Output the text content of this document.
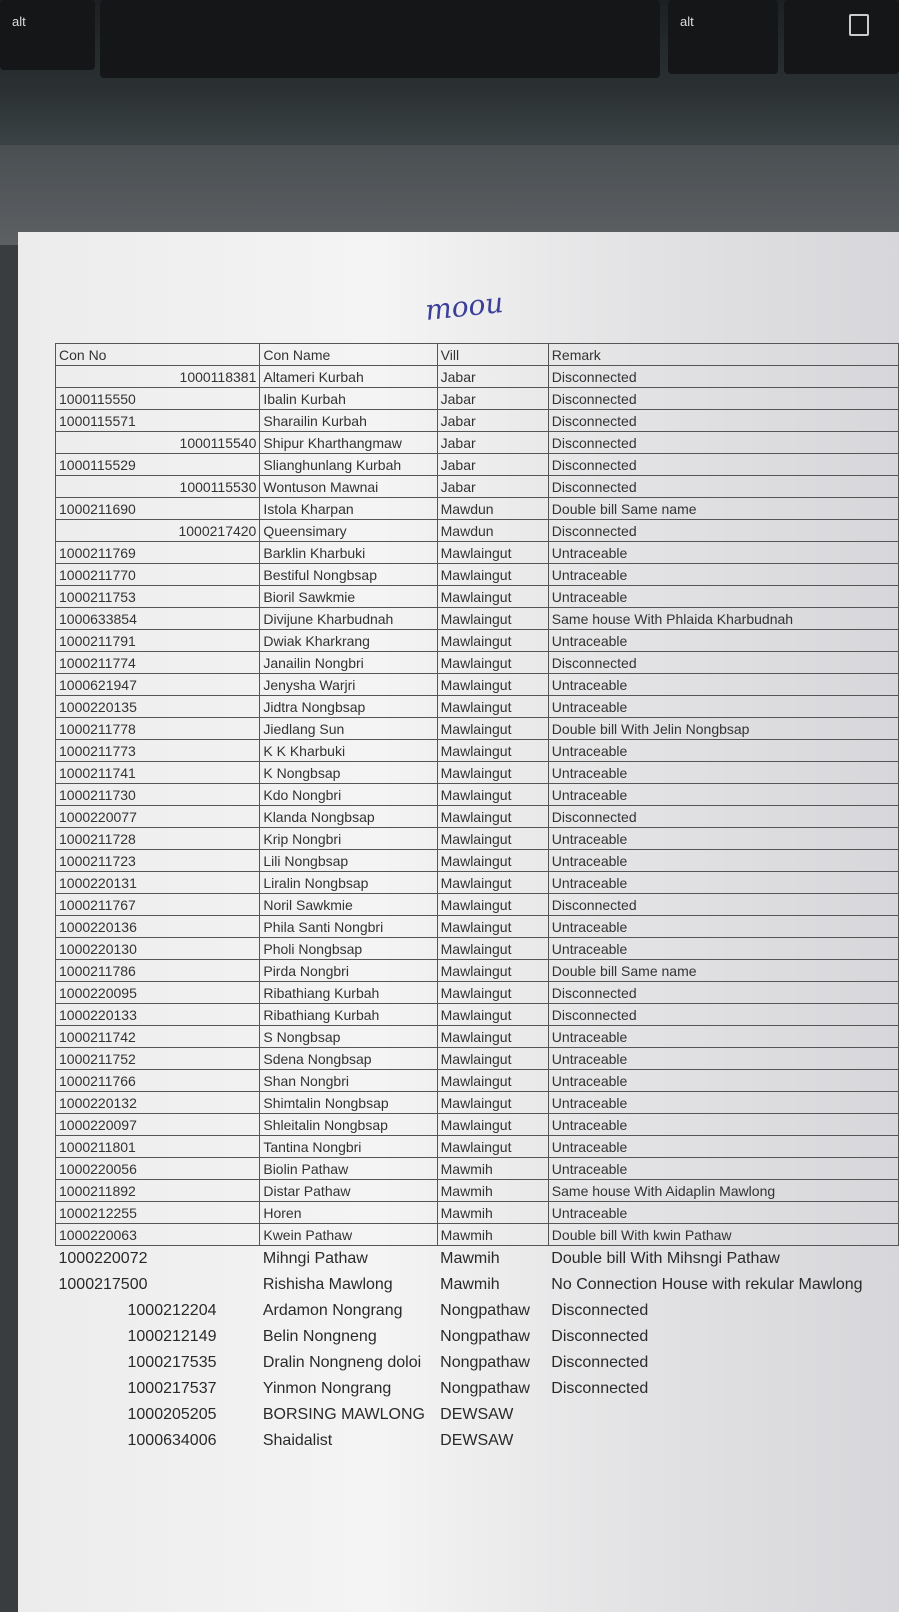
alt	alt
moou
Con No	Con Name	Vill	Remark
1000118381	Altameri Kurbah	Jabar	Disconnected
1000115550	Ibalin Kurbah	Jabar	Disconnected
1000115571	Sharailin Kurbah	Jabar	Disconnected
1000115540	Shipur Kharthangmaw	Jabar	Disconnected
1000115529	Slianghunlang Kurbah	Jabar	Disconnected
1000115530	Wontuson Mawnai	Jabar	Disconnected
1000211690	Istola Kharpan	Mawdun	Double bill Same name
1000217420	Queensimary	Mawdun	Disconnected
1000211769	Barklin Kharbuki	Mawlaingut	Untraceable
1000211770	Bestiful Nongbsap	Mawlaingut	Untraceable
1000211753	Bioril Sawkmie	Mawlaingut	Untraceable
1000633854	Divijune Kharbudnah	Mawlaingut	Same house With Phlaida Kharbudnah
1000211791	Dwiak Kharkrang	Mawlaingut	Untraceable
1000211774	Janailin Nongbri	Mawlaingut	Disconnected
1000621947	Jenysha Warjri	Mawlaingut	Untraceable
1000220135	Jidtra Nongbsap	Mawlaingut	Untraceable
1000211778	Jiedlang Sun	Mawlaingut	Double bill With Jelin Nongbsap
1000211773	K K Kharbuki	Mawlaingut	Untraceable
1000211741	K Nongbsap	Mawlaingut	Untraceable
1000211730	Kdo Nongbri	Mawlaingut	Untraceable
1000220077	Klanda Nongbsap	Mawlaingut	Disconnected
1000211728	Krip Nongbri	Mawlaingut	Untraceable
1000211723	Lili Nongbsap	Mawlaingut	Untraceable
1000220131	Liralin Nongbsap	Mawlaingut	Untraceable
1000211767	Noril Sawkmie	Mawlaingut	Disconnected
1000220136	Phila Santi Nongbri	Mawlaingut	Untraceable
1000220130	Pholi Nongbsap	Mawlaingut	Untraceable
1000211786	Pirda Nongbri	Mawlaingut	Double bill Same name
1000220095	Ribathiang Kurbah	Mawlaingut	Disconnected
1000220133	Ribathiang Kurbah	Mawlaingut	Disconnected
1000211742	S Nongbsap	Mawlaingut	Untraceable
1000211752	Sdena Nongbsap	Mawlaingut	Untraceable
1000211766	Shan Nongbri	Mawlaingut	Untraceable
1000220132	Shimtalin Nongbsap	Mawlaingut	Untraceable
1000220097	Shleitalin Nongbsap	Mawlaingut	Untraceable
1000211801	Tantina Nongbri	Mawlaingut	Untraceable
1000220056	Biolin Pathaw	Mawmih	Untraceable
1000211892	Distar Pathaw	Mawmih	Same house With Aidaplin Mawlong
1000212255	Horen	Mawmih	Untraceable
1000220063	Kwein Pathaw	Mawmih	Double bill With kwin Pathaw
1000220072	Mihngi Pathaw	Mawmih	Double bill With Mihsngi Pathaw
1000217500	Rishisha Mawlong	Mawmih	No Connection House with rekular Mawlong
1000212204	Ardamon Nongrang	Nongpathaw	Disconnected
1000212149	Belin Nongneng	Nongpathaw	Disconnected
1000217535	Dralin Nongneng doloi	Nongpathaw	Disconnected
1000217537	Yinmon Nongrang	Nongpathaw	Disconnected
1000205205	BORSING MAWLONG	DEWSAW	
1000634006	Shaidalist	DEWSAW	
